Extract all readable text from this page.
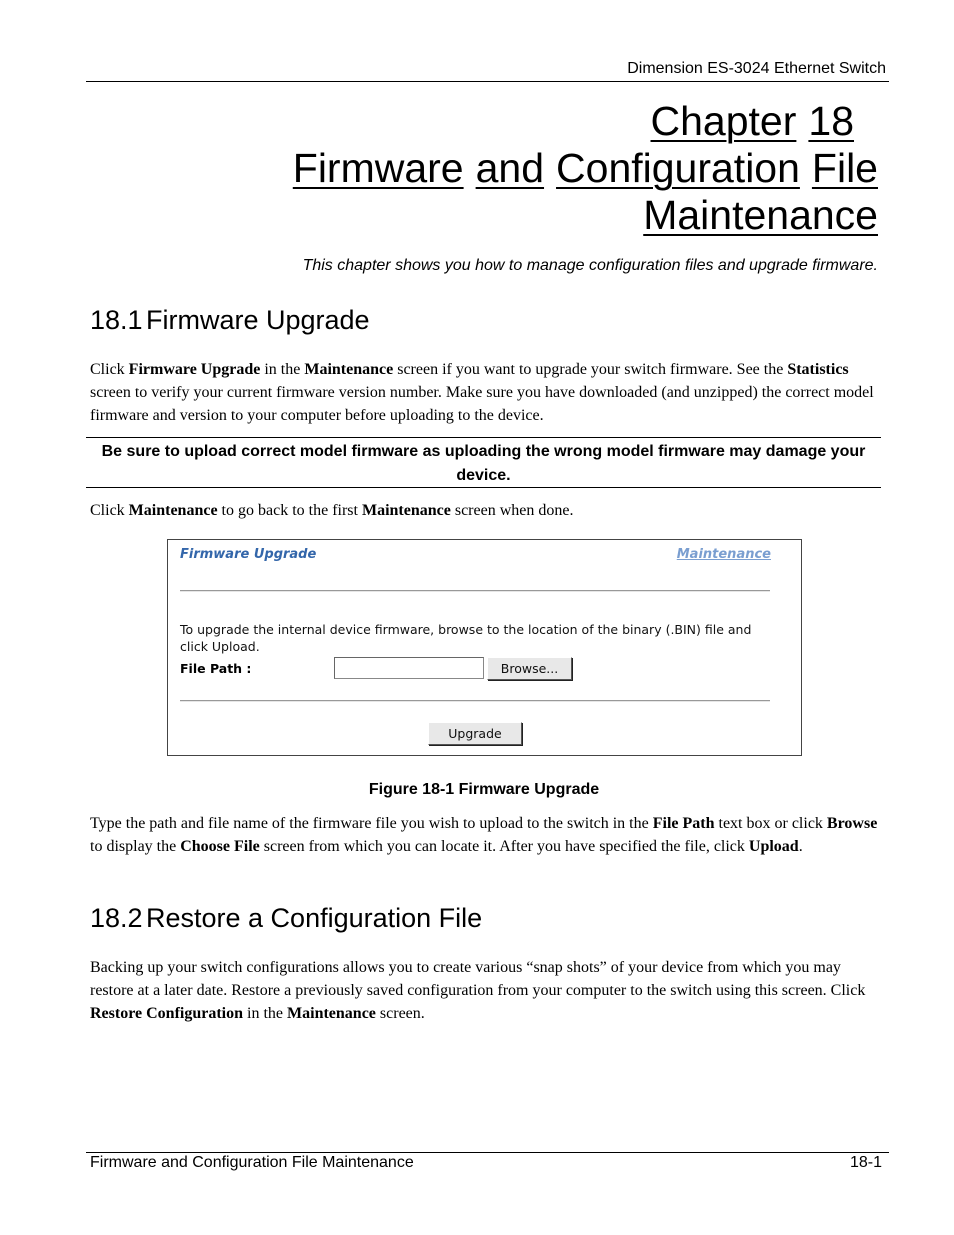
Dimension ES-3024 Ethernet Switch
Chapter 18
Firmware and Configuration File
Maintenance
This chapter shows you how to manage configuration files and upgrade firmware.
18.1 Firmware Upgrade

Click Firmware Upgrade in the Maintenance screen if you want to upgrade your switch firmware. See the Statistics screen to verify your current firmware version number. Make sure you have downloaded (and unzipped) the correct model firmware and version to your computer before uploading to the device.

Be sure to upload correct model firmware as uploading the wrong model firmware may damage your device.

Click Maintenance to go back to the first Maintenance screen when done.

Firmware Upgrade	Maintenance
To upgrade the internal device firmware, browse to the location of the binary (.BIN) file and click Upload.
File Path :	Browse...
Upgrade
Figure 18-1 Firmware Upgrade

Type the path and file name of the firmware file you wish to upload to the switch in the File Path text box or click Browse to display the Choose File screen from which you can locate it. After you have specified the file, click Upload.

18.2 Restore a Configuration File

Backing up your switch configurations allows you to create various “snap shots” of your device from which you may restore at a later date. Restore a previously saved configuration from your computer to the switch using this screen. Click Restore Configuration in the Maintenance screen.

Firmware and Configuration File Maintenance	18-1
